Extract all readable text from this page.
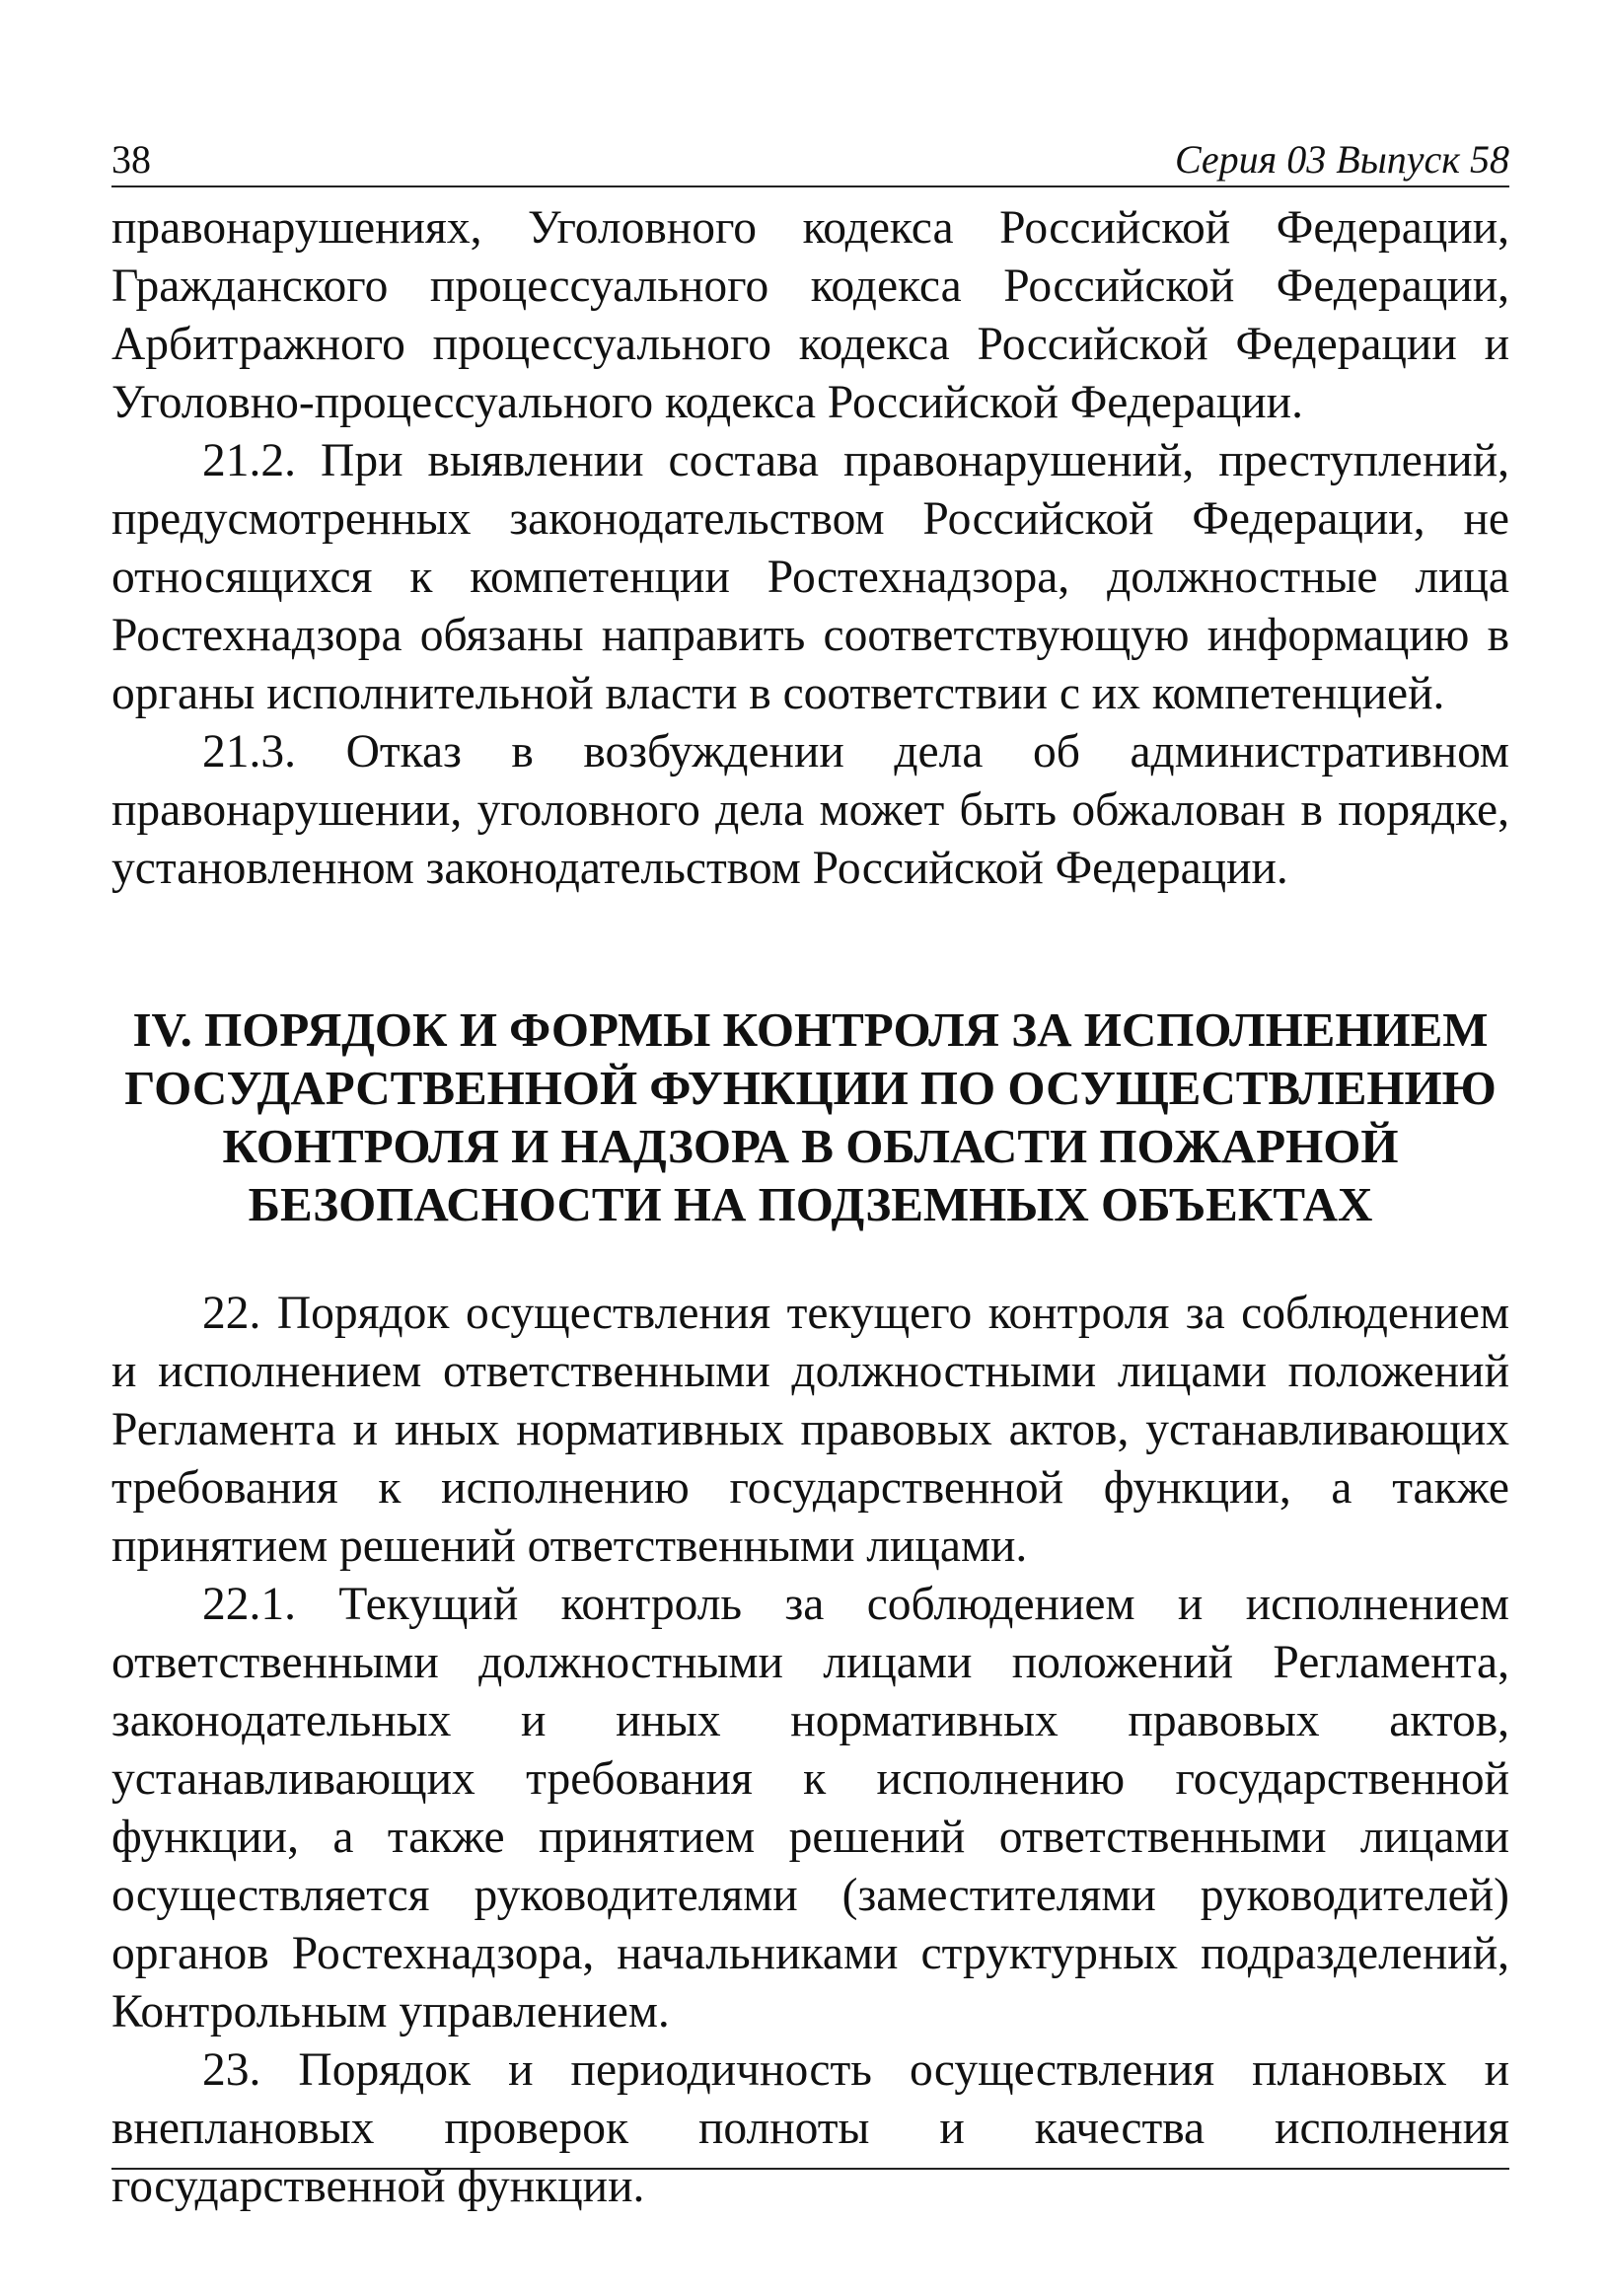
38	Серия 03 Выпуск 58

правонарушениях, Уголовного кодекса Российской Федерации, Гражданского процессуального кодекса Российской Федерации, Арбитражного процессуального кодекса Российской Федерации и Уголовно-процессуального кодекса Российской Федерации.

21.2. При выявлении состава правонарушений, преступлений, предусмотренных законодательством Российской Федерации, не относящихся к компетенции Ростехнадзора, должностные лица Ростехнадзора обязаны направить соответствующую информацию в органы исполнительной власти в соответствии с их компетенцией.

21.3. Отказ в возбуждении дела об административном правонарушении, уголовного дела может быть обжалован в порядке, установленном законодательством Российской Федерации.

IV. ПОРЯДОК И ФОРМЫ КОНТРОЛЯ ЗА ИСПОЛНЕНИЕМ ГОСУДАРСТВЕННОЙ ФУНКЦИИ ПО ОСУЩЕСТВЛЕНИЮ КОНТРОЛЯ И НАДЗОРА В ОБЛАСТИ ПОЖАРНОЙ БЕЗОПАСНОСТИ НА ПОДЗЕМНЫХ ОБЪЕКТАХ

22. Порядок осуществления текущего контроля за соблюдением и исполнением ответственными должностными лицами положений Регламента и иных нормативных правовых актов, устанавливающих требования к исполнению государственной функции, а также принятием решений ответственными лицами.

22.1. Текущий контроль за соблюдением и исполнением ответственными должностными лицами положений Регламента, законодательных и иных нормативных правовых актов, устанавливающих требования к исполнению государственной функции, а также принятием решений ответственными лицами осуществляется руководителями (заместителями руководителей) органов Ростехнадзора, начальниками структурных подразделений, Контрольным управлением.

23. Порядок и периодичность осуществления плановых и внеплановых проверок полноты и качества исполнения государственной функции.
